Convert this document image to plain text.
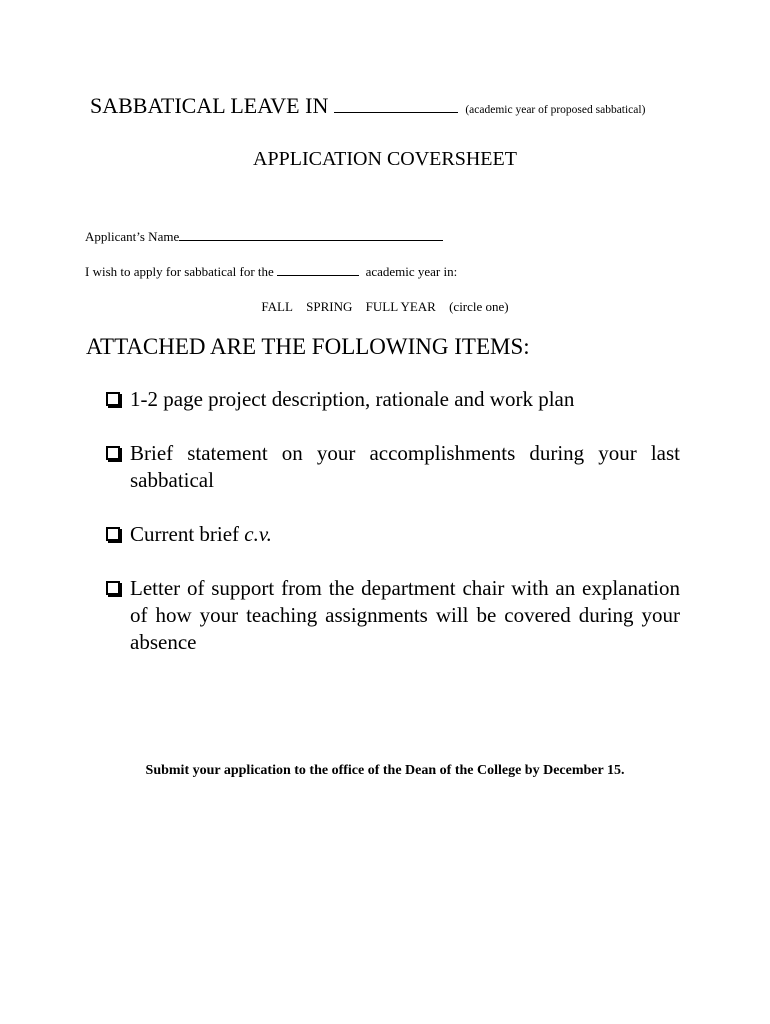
SABBATICAL LEAVE IN	(academic year of proposed sabbatical)
APPLICATION COVERSHEET
Applicant’s Name
I wish to apply for sabbatical for the	academic year in:
FALL SPRING FULL YEAR (circle one)
ATTACHED ARE THE FOLLOWING ITEMS:
1-2 page project description, rationale and work plan
Brief statement on your accomplishments during your last sabbatical
Current brief c.v.
Letter of support from the department chair with an explanation of how your teaching assignments will be covered during your absence
Submit your application to the office of the Dean of the College by December 15.
